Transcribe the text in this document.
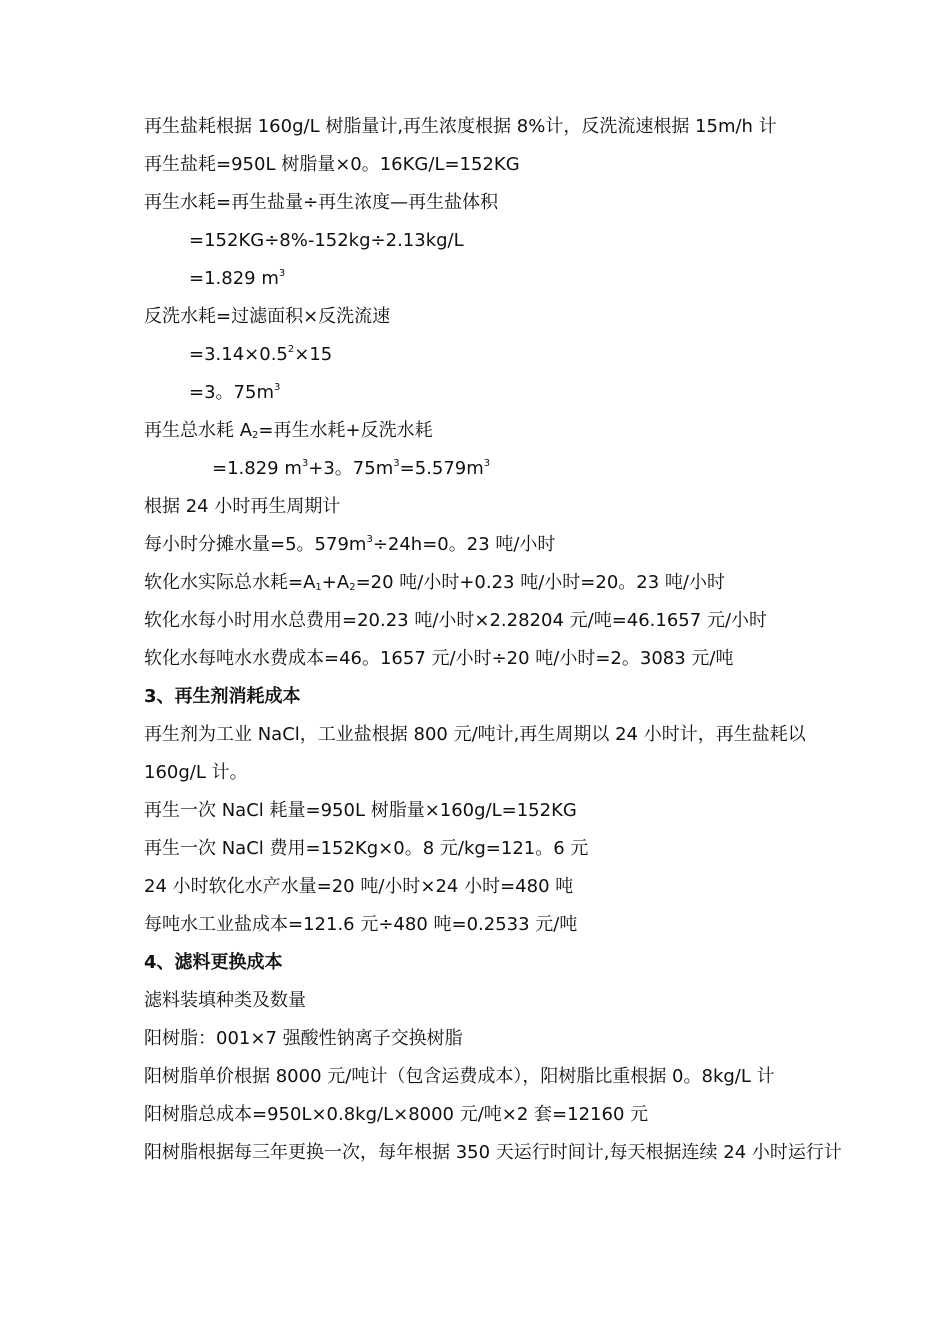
再生盐耗根据 160g/L 树脂量计,再生浓度根据 8%计，反洗流速根据 15m/h 计
再生盐耗=950L 树脂量×0。16KG/L=152KG
再生水耗=再生盐量÷再生浓度—再生盐体积
=152KG÷8%-152kg÷2.13kg/L
=1.829 $m^3$
反洗水耗=过滤面积×反洗流速
$=3.14\times 0.5^2\times 15$
=3。$75m^3$
再生总水耗 $A_2=$再生水耗+反洗水耗
=1.829 $m^3+3$。$75m^3=5.579m^3$
根据 24 小时再生周期计
每小时分摊水量=5。$579m^3\div 24h=0$。23 吨/小时
软化水实际总水耗$=A_1+A_2=20$ 吨/小时+0.23 吨/小时=20。23 吨/小时
软化水每小时用水总费用=20.23 吨/小时×2.28204 元/吨=46.1657 元/小时
软化水每吨水水费成本=46。1657 元/小时÷20 吨/小时=2。3083 元/吨
3、再生剂消耗成本
再生剂为工业 NaCl，工业盐根据 800 元/吨计,再生周期以 24 小时计，再生盐耗以 160g/L 计。
再生一次 NaCl 耗量=950L 树脂量×160g/L=152KG
再生一次 NaCl 费用=152Kg×0。8 元/kg=121。6 元
24 小时软化水产水量=20 吨/小时×24 小时=480 吨
每吨水工业盐成本=121.6 元÷480 吨=0.2533 元/吨
4、滤料更换成本
滤料装填种类及数量
阳树脂：001×7 强酸性钠离子交换树脂
阳树脂单价根据 8000 元/吨计（包含运费成本），阳树脂比重根据 0。8kg/L 计
阳树脂总成本=950L×0.8kg/L×8000 元/吨×2 套=12160 元
阳树脂根据每三年更换一次，每年根据 350 天运行时间计,每天根据连续 24 小时运行计
